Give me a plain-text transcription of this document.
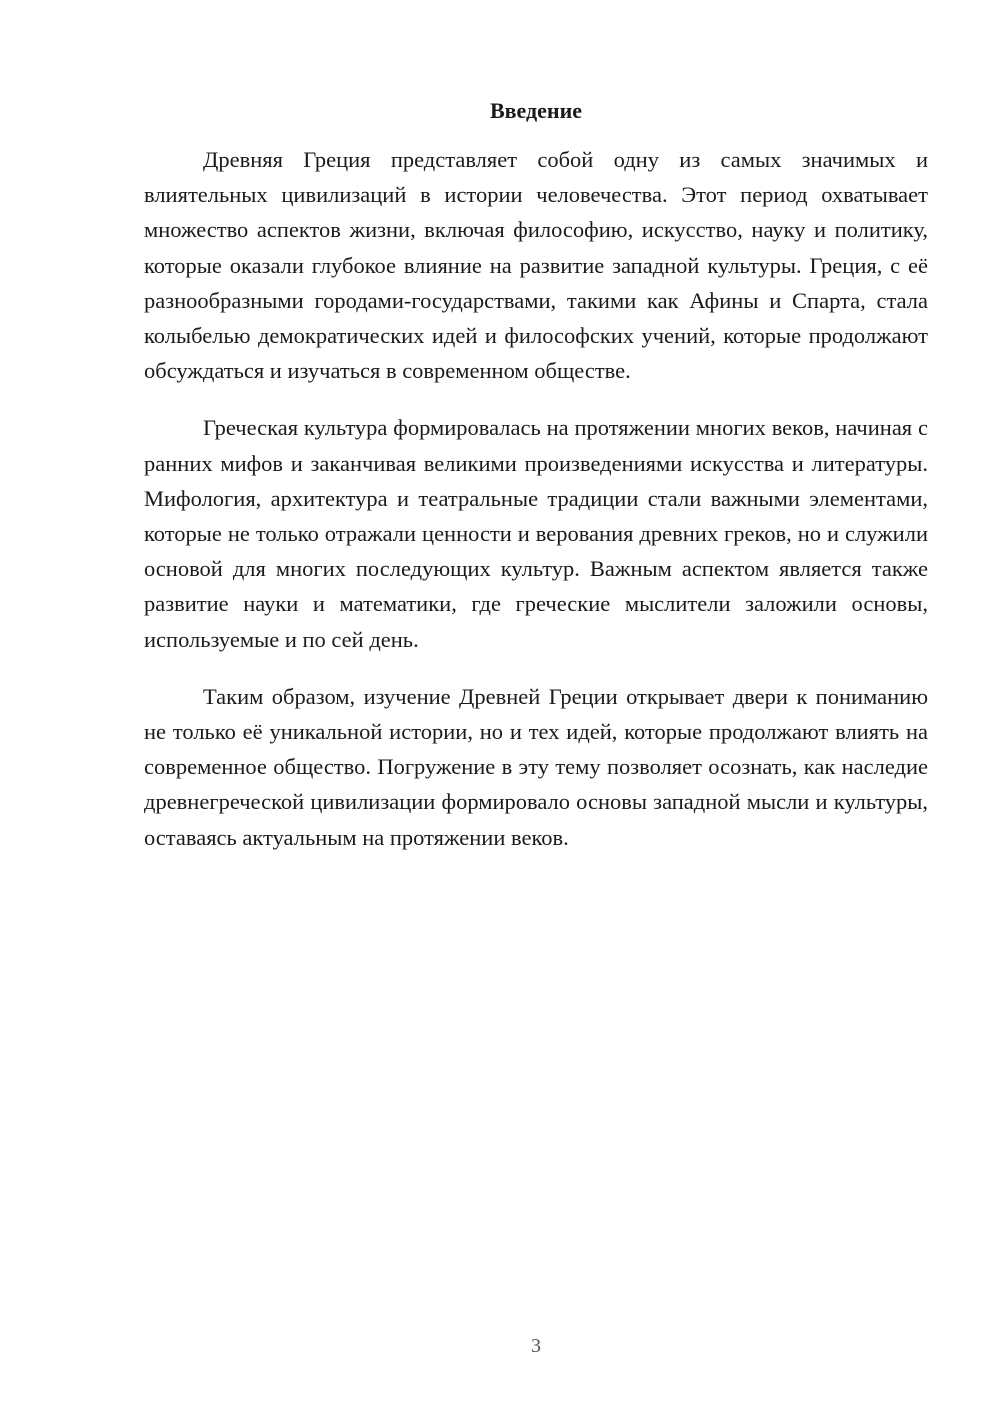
Введение

Древняя Греция представляет собой одну из самых значимых и влиятельных цивилизаций в истории человечества. Этот период охватывает множество аспектов жизни, включая философию, искусство, науку и политику, которые оказали глубокое влияние на развитие западной культуры. Греция, с её разнообразными городами-государствами, такими как Афины и Спарта, стала колыбелью демократических идей и философских учений, которые продолжают обсуждаться и изучаться в современном обществе.

Греческая культура формировалась на протяжении многих веков, начиная с ранних мифов и заканчивая великими произведениями искусства и литературы. Мифология, архитектура и театральные традиции стали важными элементами, которые не только отражали ценности и верования древних греков, но и служили основой для многих последующих культур. Важным аспектом является также развитие науки и математики, где греческие мыслители заложили основы, используемые и по сей день.

Таким образом, изучение Древней Греции открывает двери к пониманию не только её уникальной истории, но и тех идей, которые продолжают влиять на современное общество. Погружение в эту тему позволяет осознать, как наследие древнегреческой цивилизации формировало основы западной мысли и культуры, оставаясь актуальным на протяжении веков.

3
